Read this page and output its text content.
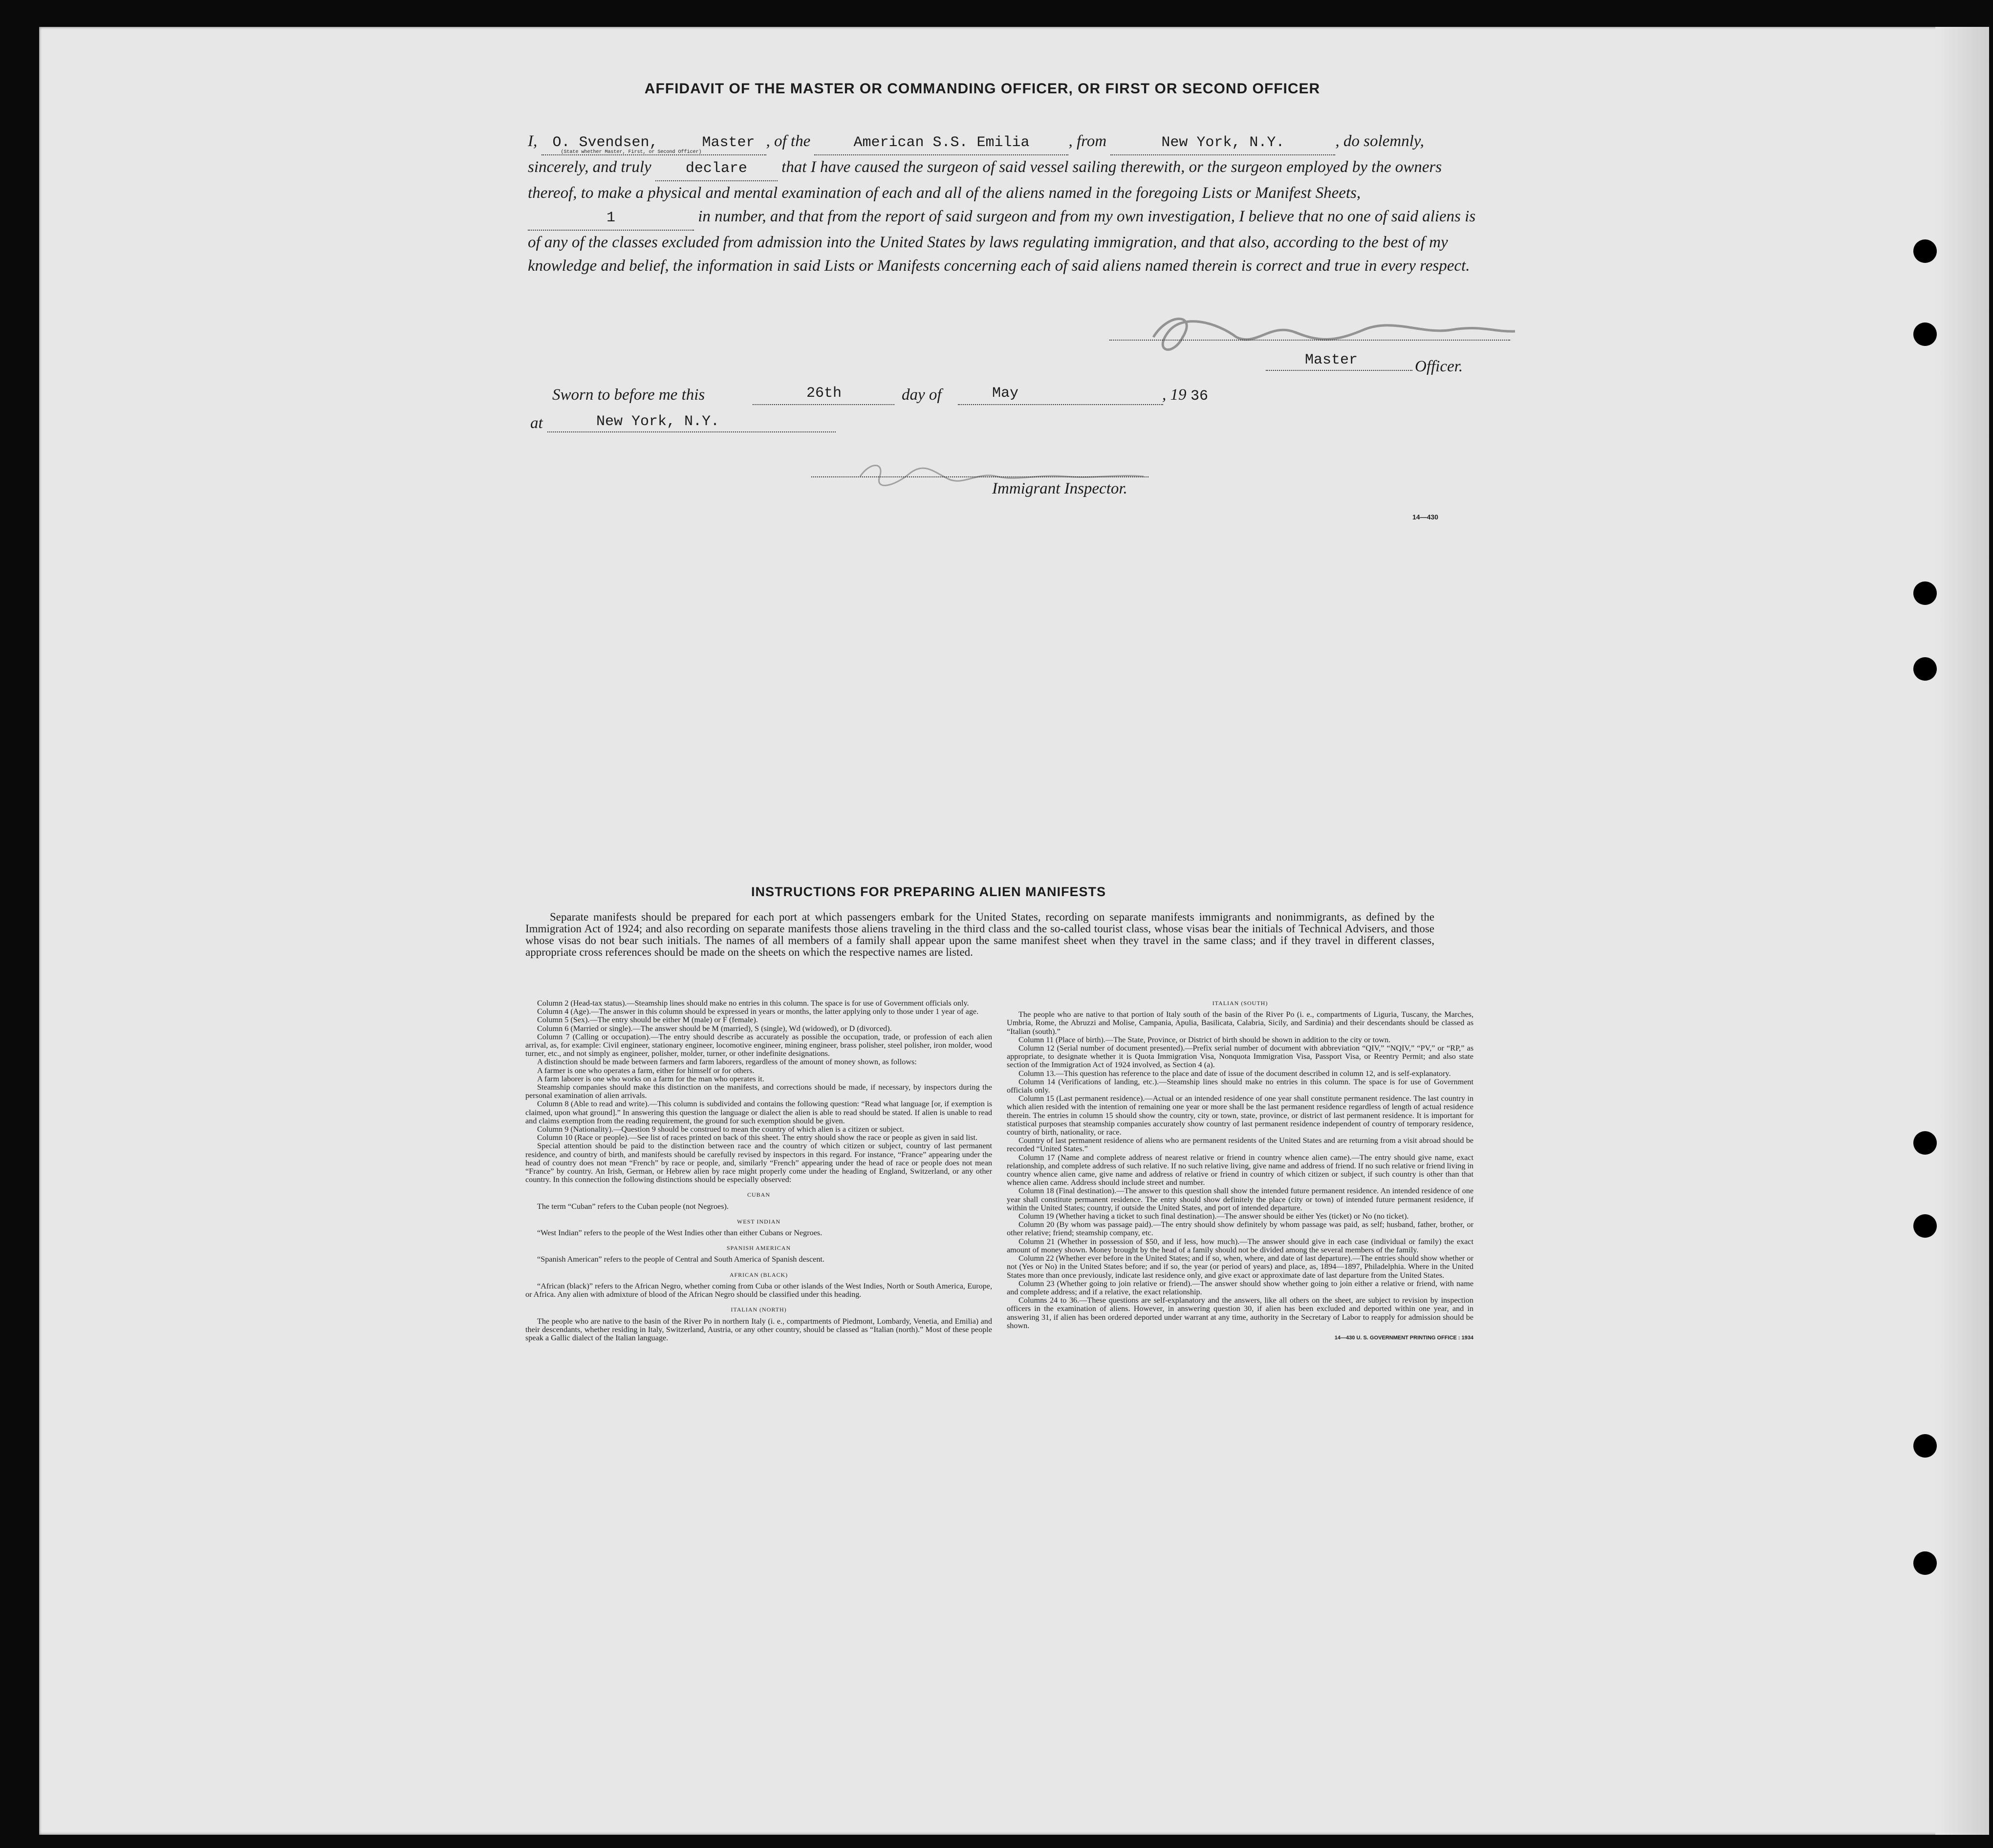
AFFIDAVIT OF THE MASTER OR COMMANDING OFFICER, OR FIRST OR SECOND OFFICER
I, O. Svendsen,	Master
(State whether Master, First, or Second Officer)
, of the	American S.S. Emilia , from	New York, N.Y.	, do solemnly, sincerely, and truly declare that I have caused the surgeon of said vessel sailing therewith, or the surgeon employed by the owners thereof, to make a physical and mental examination of each and all of the aliens named in the foregoing Lists or Manifest Sheets, 1	in number, and that from the report of said surgeon and from my own investigation, I believe that no one of said aliens is of any of the classes excluded from admission into the United States by laws regulating immigration, and that also, according to the best of my knowledge and belief, the information in said Lists or Manifests concerning each of said aliens named therein is correct and true in every respect.
Master	Officer.
Sworn to before me this	26th	day of	May	, 19 36
at	New York, N.Y.
Immigrant Inspector.
14—430
INSTRUCTIONS FOR PREPARING ALIEN MANIFESTS
Separate manifests should be prepared for each port at which passengers embark for the United States, recording on separate manifests immigrants and nonimmigrants, as defined by the Immigration Act of 1924; and also recording on separate manifests those aliens traveling in the third class and the so-called tourist class, whose visas bear the initials of Technical Advisers, and those whose visas do not bear such initials. The names of all members of a family shall appear upon the same manifest sheet when they travel in the same class; and if they travel in different classes, appropriate cross references should be made on the sheets on which the respective names are listed.

Column 2 (Head-tax status).—Steamship lines should make no entries in this column. The space is for use of Government officials only.

Column 4 (Age).—The answer in this column should be expressed in years or months, the latter applying only to those under 1 year of age.

Column 5 (Sex).—The entry should be either M (male) or F (female).

Column 6 (Married or single).—The answer should be M (married), S (single), Wd (widowed), or D (divorced).

Column 7 (Calling or occupation).—The entry should describe as accurately as possible the occupation, trade, or profession of each alien arrival, as, for example: Civil engineer, stationary engineer, locomotive engineer, mining engineer, brass polisher, steel polisher, iron molder, wood turner, etc., and not simply as engineer, polisher, molder, turner, or other indefinite designations.

A distinction should be made between farmers and farm laborers, regardless of the amount of money shown, as follows:

A farmer is one who operates a farm, either for himself or for others.

A farm laborer is one who works on a farm for the man who operates it.

Steamship companies should make this distinction on the manifests, and corrections should be made, if necessary, by inspectors during the personal examination of alien arrivals.

Column 8 (Able to read and write).—This column is subdivided and contains the following question: “Read what language [or, if exemption is claimed, upon what ground].” In answering this question the language or dialect the alien is able to read should be stated. If alien is unable to read and claims exemption from the reading requirement, the ground for such exemption should be given.

Column 9 (Nationality).—Question 9 should be construed to mean the country of which alien is a citizen or subject.

Column 10 (Race or people).—See list of races printed on back of this sheet. The entry should show the race or people as given in said list.

Special attention should be paid to the distinction between race and the country of which citizen or subject, country of last permanent residence, and country of birth, and manifests should be carefully revised by inspectors in this regard. For instance, “France” appearing under the head of country does not mean “French” by race or people, and, similarly “French” appearing under the head of race or people does not mean “France” by country. An Irish, German, or Hebrew alien by race might properly come under the heading of England, Switzerland, or any other country. In this connection the following distinctions should be especially observed:

CUBAN

The term “Cuban” refers to the Cuban people (not Negroes).

WEST INDIAN

“West Indian” refers to the people of the West Indies other than either Cubans or Negroes.

SPANISH AMERICAN

“Spanish American” refers to the people of Central and South America of Spanish descent.

AFRICAN (BLACK)

“African (black)” refers to the African Negro, whether coming from Cuba or other islands of the West Indies, North or South America, Europe, or Africa. Any alien with admixture of blood of the African Negro should be classified under this heading.

ITALIAN (NORTH)

The people who are native to the basin of the River Po in northern Italy (i. e., compartments of Piedmont, Lombardy, Venetia, and Emilia) and their descendants, whether residing in Italy, Switzerland, Austria, or any other country, should be classed as “Italian (north).” Most of these people speak a Gallic dialect of the Italian language.

ITALIAN (SOUTH)

The people who are native to that portion of Italy south of the basin of the River Po (i. e., compartments of Liguria, Tuscany, the Marches, Umbria, Rome, the Abruzzi and Molise, Campania, Apulia, Basilicata, Calabria, Sicily, and Sardinia) and their descendants should be classed as “Italian (south).”

Column 11 (Place of birth).—The State, Province, or District of birth should be shown in addition to the city or town.

Column 12 (Serial number of document presented).—Prefix serial number of document with abbreviation “QIV,” “NQIV,” “PV,” or “RP,” as appropriate, to designate whether it is Quota Immigration Visa, Nonquota Immigration Visa, Passport Visa, or Reentry Permit; and also state section of the Immigration Act of 1924 involved, as Section 4 (a).

Column 13.—This question has reference to the place and date of issue of the document described in column 12, and is self-explanatory.

Column 14 (Verifications of landing, etc.).—Steamship lines should make no entries in this column. The space is for use of Government officials only.

Column 15 (Last permanent residence).—Actual or an intended residence of one year shall constitute permanent residence. The last country in which alien resided with the intention of remaining one year or more shall be the last permanent residence regardless of length of actual residence therein. The entries in column 15 should show the country, city or town, state, province, or district of last permanent residence. It is important for statistical purposes that steamship companies accurately show country of last permanent residence independent of country of temporary residence, country of birth, nationality, or race.

Country of last permanent residence of aliens who are permanent residents of the United States and are returning from a visit abroad should be recorded “United States.”

Column 17 (Name and complete address of nearest relative or friend in country whence alien came).—The entry should give name, exact relationship, and complete address of such relative. If no such relative living, give name and address of friend. If no such relative or friend living in country whence alien came, give name and address of relative or friend in country of which citizen or subject, if such country is other than that whence alien came. Address should include street and number.

Column 18 (Final destination).—The answer to this question shall show the intended future permanent residence. An intended residence of one year shall constitute permanent residence. The entry should show definitely the place (city or town) of intended future permanent residence, if within the United States; country, if outside the United States, and port of intended departure.

Column 19 (Whether having a ticket to such final destination).—The answer should be either Yes (ticket) or No (no ticket).

Column 20 (By whom was passage paid).—The entry should show definitely by whom passage was paid, as self; husband, father, brother, or other relative; friend; steamship company, etc.

Column 21 (Whether in possession of $50, and if less, how much).—The answer should give in each case (individual or family) the exact amount of money shown. Money brought by the head of a family should not be divided among the several members of the family.

Column 22 (Whether ever before in the United States; and if so, when, where, and date of last departure).—The entries should show whether or not (Yes or No) in the United States before; and if so, the year (or period of years) and place, as, 1894—1897, Philadelphia. Where in the United States more than once previously, indicate last residence only, and give exact or approximate date of last departure from the United States.

Column 23 (Whether going to join relative or friend).—The answer should show whether going to join either a relative or friend, with name and complete address; and if a relative, the exact relationship.

Columns 24 to 36.—These questions are self-explanatory and the answers, like all others on the sheet, are subject to revision by inspection officers in the examination of aliens. However, in answering question 30, if alien has been excluded and deported within one year, and in answering 31, if alien has been ordered deported under warrant at any time, authority in the Secretary of Labor to reapply for admission should be shown.

14—430 U. S. GOVERNMENT PRINTING OFFICE : 1934
